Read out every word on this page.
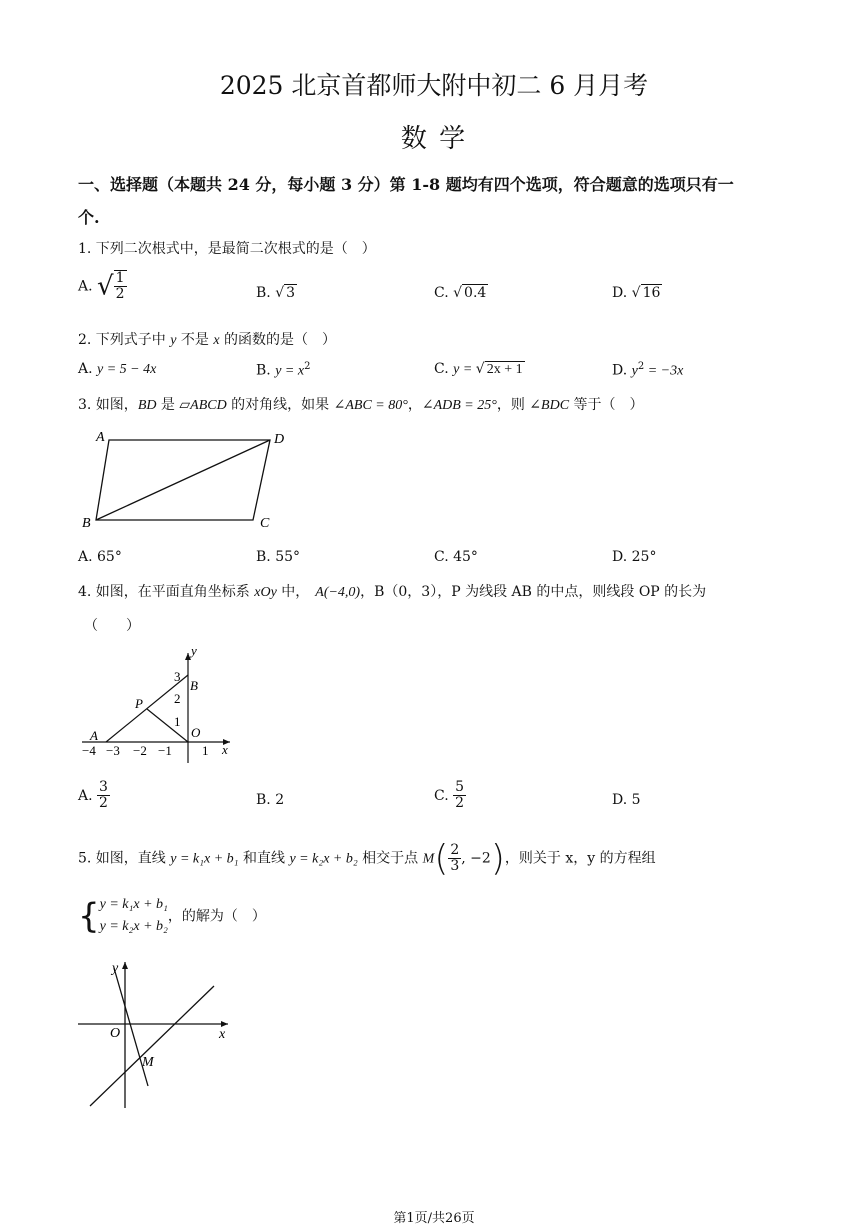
2025 北京首都师大附中初二 6 月月考
数 学
一、选择题（本题共 24 分，每小题 3 分）第 1-8 题均有四个选项，符合题意的选项只有一
个.
1. 下列二次根式中，是最简二次根式的是（　）
A. √ $\frac{1}{2}$	B. √ 3	C. √ 0.4	D. √ 16
2. 下列式子中 y 不是 x 的函数的是（　）
A. y = 5 − 4x	B. $y = x^2$	C. y = √ 2x + 1	D. $y^2 = -3x$
3. 如图，BD 是 ▱ABCD 的对角线，如果 ∠ABC = 80°，∠ADB = 25°，则 ∠BDC 等于（　）
A	D
B	C
A. 65°	B. 55°	C. 45°	D. 25°
4. 如图，在平面直角坐标系 xOy 中， A(−4,0)，B（0，3），P 为线段 AB 的中点，则线段 OP 的长为
（　　）
y
x
B
P
A	O
3
2
1
−4 −3 −2 −1 1
A. $\frac{3}{2}$	B. 2	C. $\frac{5}{2}$	D. 5
5. 如图，直线 y = k₁x + b₁ 和直线 y = k₂x + b₂ 相交于点 $M( \frac{2}{3}$ , −2)，则关于 x，y 的方程组
{ y = k₁x + b₁
y = k₂x + b₂
，的解为（　）
y
x
O
M
第1页/共26页
